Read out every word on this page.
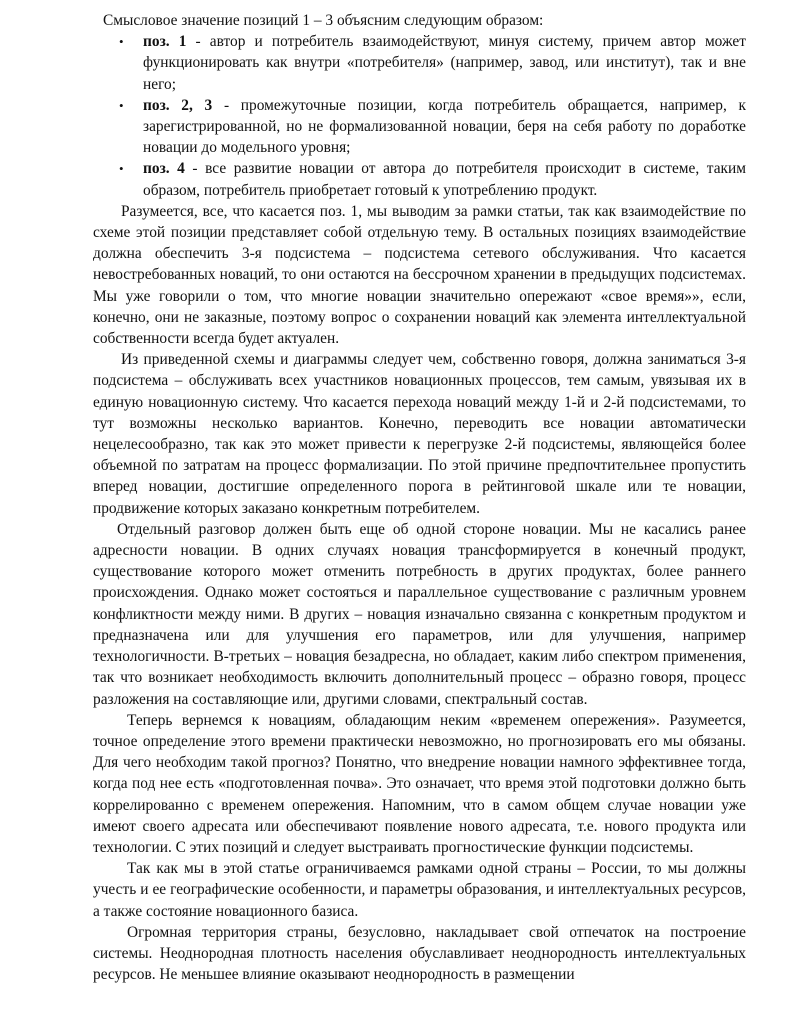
Смысловое значение позиций 1 – 3 объясним следующим образом:

• поз. 1 - автор и потребитель взаимодействуют, минуя систему, причем автор может функционировать как внутри «потребителя» (например, завод, или институт), так и вне него;
• поз. 2, 3 - промежуточные позиции, когда потребитель обращается, например, к зарегистрированной, но не формализованной новации, беря на себя работу по доработке новации до модельного уровня;
• поз. 4 - все развитие новации от автора до потребителя происходит в системе, таким образом, потребитель приобретает готовый к употреблению продукт.

Разумеется, все, что касается поз. 1, мы выводим за рамки статьи, так как взаимодействие по схеме этой позиции представляет собой отдельную тему. В остальных позициях взаимодействие должна обеспечить 3-я подсистема – подсистема сетевого обслуживания. Что касается невостребованных новаций, то они остаются на бессрочном хранении в предыдущих подсистемах. Мы уже говорили о том, что многие новации значительно опережают «свое время»», если, конечно, они не заказные, поэтому вопрос о сохранении новаций как элемента интеллектуальной собственности всегда будет актуален.

Из приведенной схемы и диаграммы следует чем, собственно говоря, должна заниматься 3-я подсистема – обслуживать всех участников новационных процессов, тем самым, увязывая их в единую новационную систему. Что касается перехода новаций между 1-й и 2-й подсистемами, то тут возможны несколько вариантов. Конечно, переводить все новации автоматически нецелесообразно, так как это может привести к перегрузке 2-й подсистемы, являющейся более объемной по затратам на процесс формализации. По этой причине предпочтительнее пропустить вперед новации, достигшие определенного порога в рейтинговой шкале или те новации, продвижение которых заказано конкретным потребителем.

Отдельный разговор должен быть еще об одной стороне новации. Мы не касались ранее адресности новации. В одних случаях новация трансформируется в конечный продукт, существование которого может отменить потребность в других продуктах, более раннего происхождения. Однако может состояться и параллельное существование с различным уровнем конфликтности между ними. В других – новация изначально связанна с конкретным продуктом и предназначена или для улучшения его параметров, или для улучшения, например технологичности. В-третьих – новация безадресна, но обладает, каким либо спектром применения, так что возникает необходимость включить дополнительный процесс – образно говоря, процесс разложения на составляющие или, другими словами, спектральный состав.

Теперь вернемся к новациям, обладающим неким «временем опережения». Разумеется, точное определение этого времени практически невозможно, но прогнозировать его мы обязаны. Для чего необходим такой прогноз? Понятно, что внедрение новации намного эффективнее тогда, когда под нее есть «подготовленная почва». Это означает, что время этой подготовки должно быть коррелированно с временем опережения. Напомним, что в самом общем случае новации уже имеют своего адресата или обеспечивают появление нового адресата, т.е. нового продукта или технологии. С этих позиций и следует выстраивать прогностические функции подсистемы.

Так как мы в этой статье ограничиваемся рамками одной страны – России, то мы должны учесть и ее географические особенности, и параметры образования, и интеллектуальных ресурсов, а также состояние новационного базиса.

Огромная территория страны, безусловно, накладывает свой отпечаток на построение системы. Неоднородная плотность населения обуславливает неоднородность интеллектуальных ресурсов. Не меньшее влияние оказывают неоднородность в размещении
